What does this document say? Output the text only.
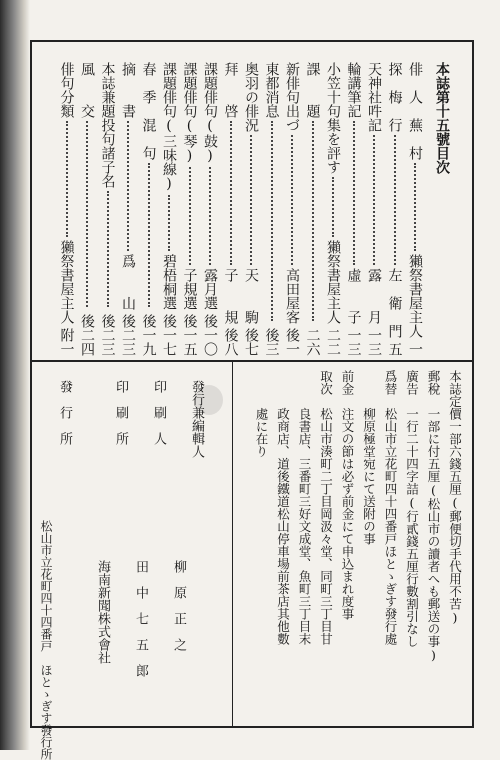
本誌第十五號目次
俳　人　蕪　村
獺祭書屋主人
一
探　梅　行
左　衛　門
五
天神社吽記
露　　月
一三
輪講筆記
虛　　子
一三
小笠十句集を評す
獺祭書屋主人
二二
課　　題
二六
新俳句出づ
高田屋客
後一
東都消息
後三
奥羽の俳況
天　　駒
後七
拜　　啓
子　　規
後八
課題俳句(鼓)
露月選
後一〇
課題俳句(琴)
子規選
後一五
課題俳句(三味線)
碧梧桐選
後一七
春　季　混　句
後一九
摘　　書
爲　　山
後二三
本誌兼題投句諸子名
後二三
風　　交
後二四
俳句分類
獺祭書屋主人
附一
本誌定價一部六錢五厘(郵便切手代用不苦)
郵稅　一部に付五厘(松山市の讀者へも郵送の事)
廣告　一行二十四字詰(行貳錢五厘行數割引なし
爲替　松山市立花町四十四番戸ほとゝぎす發行處
　　　柳原極堂宛にて送附の事
前金　注文の節は必ず前金にて申込まれ度事
取次　松山市湊町二丁目岡汲々堂、同町三丁目甘
　　　良書店、三番町三好文成堂、魚町三丁目末
　　　政商店、道後鐵道松山停車場前茶店其他數
　　　處に在り
發行兼編輯人
柳　原　正　之
印　刷　人
田　中　七　五　郎
印　刷　所
海南新聞株式會社
發　行　所
松山市立花町四十四番戸　ほとゝぎす發行所
